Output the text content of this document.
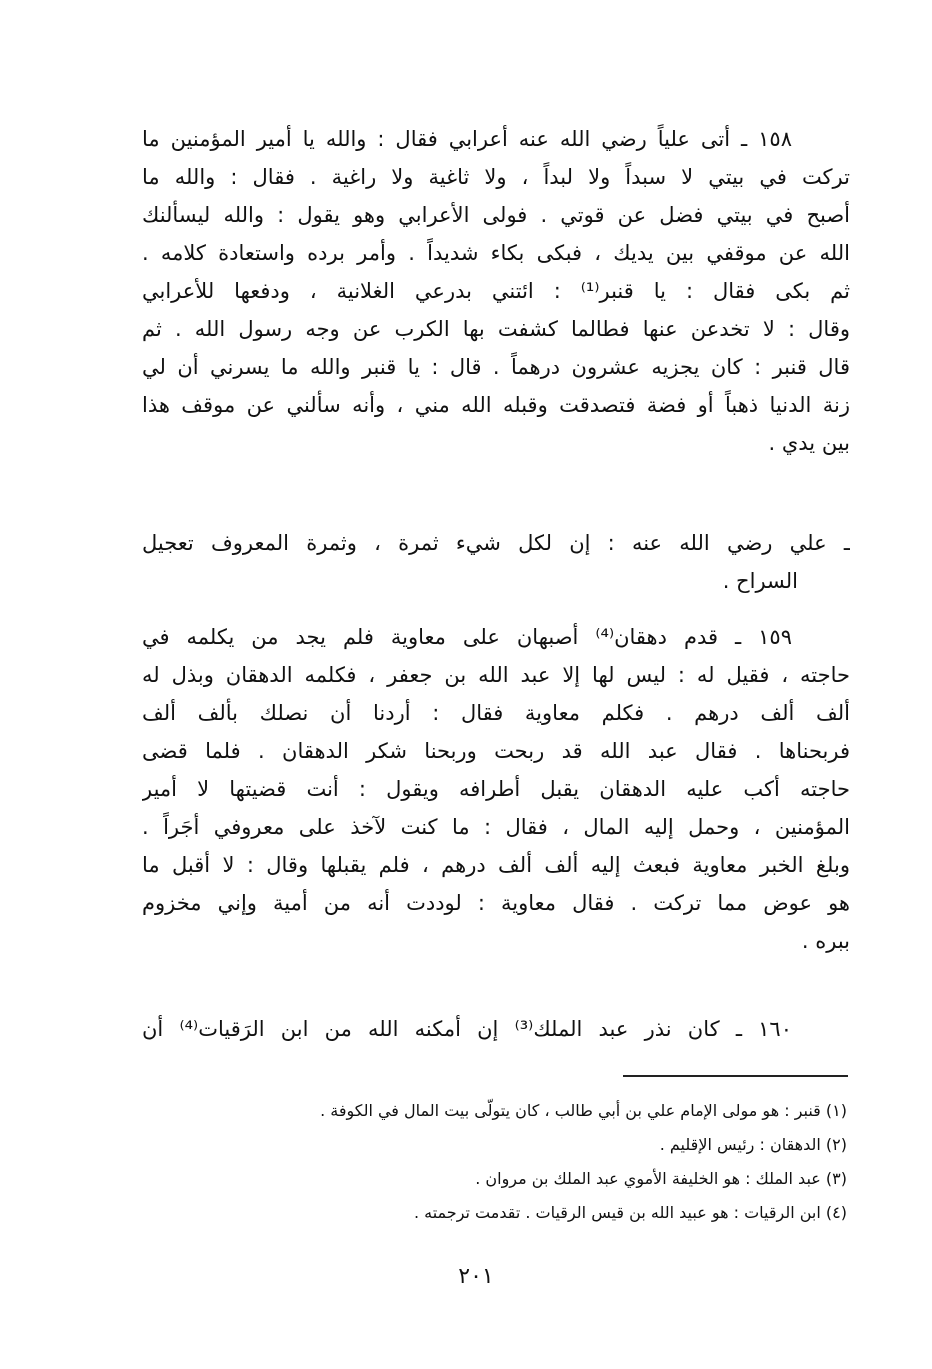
١٥٨ ـ أتى علياً رضي الله عنه أعرابي فقال : والله يا أمير المؤمنين ما
تركت في بيتي لا سبداً ولا لبداً ، ولا ثاغية ولا راغية . فقال : والله ما
أصبح في بيتي فضل عن قوتي . فولى الأعرابي وهو يقول : والله ليسألنك
الله عن موقفي بين يديك ، فبكى بكاء شديداً . وأمر برده واستعادة كلامه .
ثم بكى فقال : يا قنبر⁽¹⁾ : ائتني بدرعي الغلانية ، ودفعها للأعرابي
وقال : لا تخدعن عنها فطالما كشفت بها الكرب عن وجه رسول الله . ثم
قال قنبر : كان يجزيه عشرون درهماً . قال : يا قنبر والله ما يسرني أن لي
زنة الدنيا ذهباً أو فضة فتصدقت وقبله الله مني ، وأنه سألني عن موقف هذا
بين يدي .
ـ علي رضي الله عنه : إن لكل شيء ثمرة ، وثمرة المعروف تعجيل
السراح .
١٥٩ ـ قدم دهقان⁽⁴⁾ أصبهان على معاوية فلم يجد من يكلمه في
حاجته ، فقيل له : ليس لها إلا عبد الله بن جعفر ، فكلمه الدهقان وبذل له
ألف ألف درهم . فكلم معاوية فقال : أردنا أن نصلك بألف ألف
فربحناها . فقال عبد الله قد ربحت وربحنا شكر الدهقان . فلما قضى
حاجته أكب عليه الدهقان يقبل أطرافه ويقول : أنت قضيتها لا أمير
المؤمنين ، وحمل إليه المال ، فقال : ما كنت لآخذ على معروفي أجَراً .
وبلغ الخبر معاوية فبعث إليه ألف ألف درهم ، فلم يقبلها وقال : لا أقبل ما
هو عوض مما تركت . فقال معاوية : لوددت أنه من أمية وإني مخزوم
ببره .
١٦٠ ـ كان نذر عبد الملك⁽³⁾ إن أمكنه الله من ابن الرَقيات⁽⁴⁾ أن
(١) قنبر : هو مولى الإمام علي بن أبي طالب ، كان يتولّى بيت المال في الكوفة .
(٢) الدهقان : رئيس الإقليم .
(٣) عبد الملك : هو الخليفة الأموي عبد الملك بن مروان .
(٤) ابن الرقيات : هو عبيد الله بن قيس الرقيات . تقدمت ترجمته .
٢٠١
